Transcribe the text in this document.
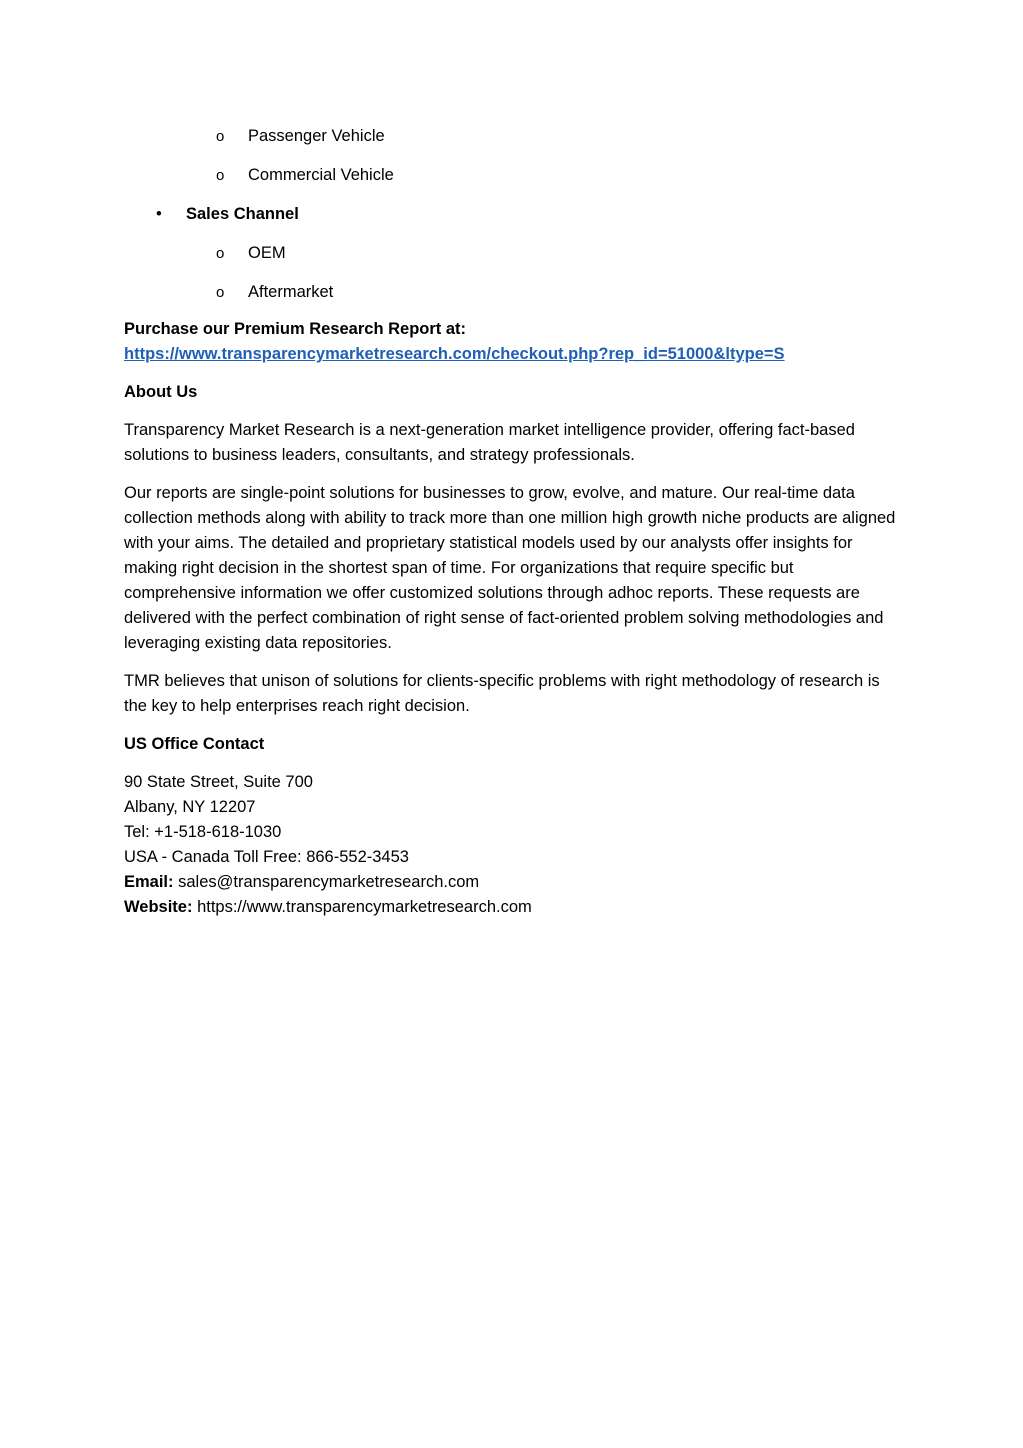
o Passenger Vehicle
o Commercial Vehicle
• Sales Channel
o OEM
o Aftermarket

Purchase our Premium Research Report at:
https://www.transparencymarketresearch.com/checkout.php?rep_id=51000&ltype=S

About Us

Transparency Market Research is a next-generation market intelligence provider, offering fact-based solutions to business leaders, consultants, and strategy professionals.

Our reports are single-point solutions for businesses to grow, evolve, and mature. Our real-time data collection methods along with ability to track more than one million high growth niche products are aligned with your aims. The detailed and proprietary statistical models used by our analysts offer insights for making right decision in the shortest span of time. For organizations that require specific but comprehensive information we offer customized solutions through adhoc reports. These requests are delivered with the perfect combination of right sense of fact-oriented problem solving methodologies and leveraging existing data repositories.

TMR believes that unison of solutions for clients-specific problems with right methodology of research is the key to help enterprises reach right decision.

US Office Contact
90 State Street, Suite 700
Albany, NY 12207
Tel: +1-518-618-1030
USA - Canada Toll Free: 866-552-3453
Email: sales@transparencymarketresearch.com
Website: https://www.transparencymarketresearch.com
